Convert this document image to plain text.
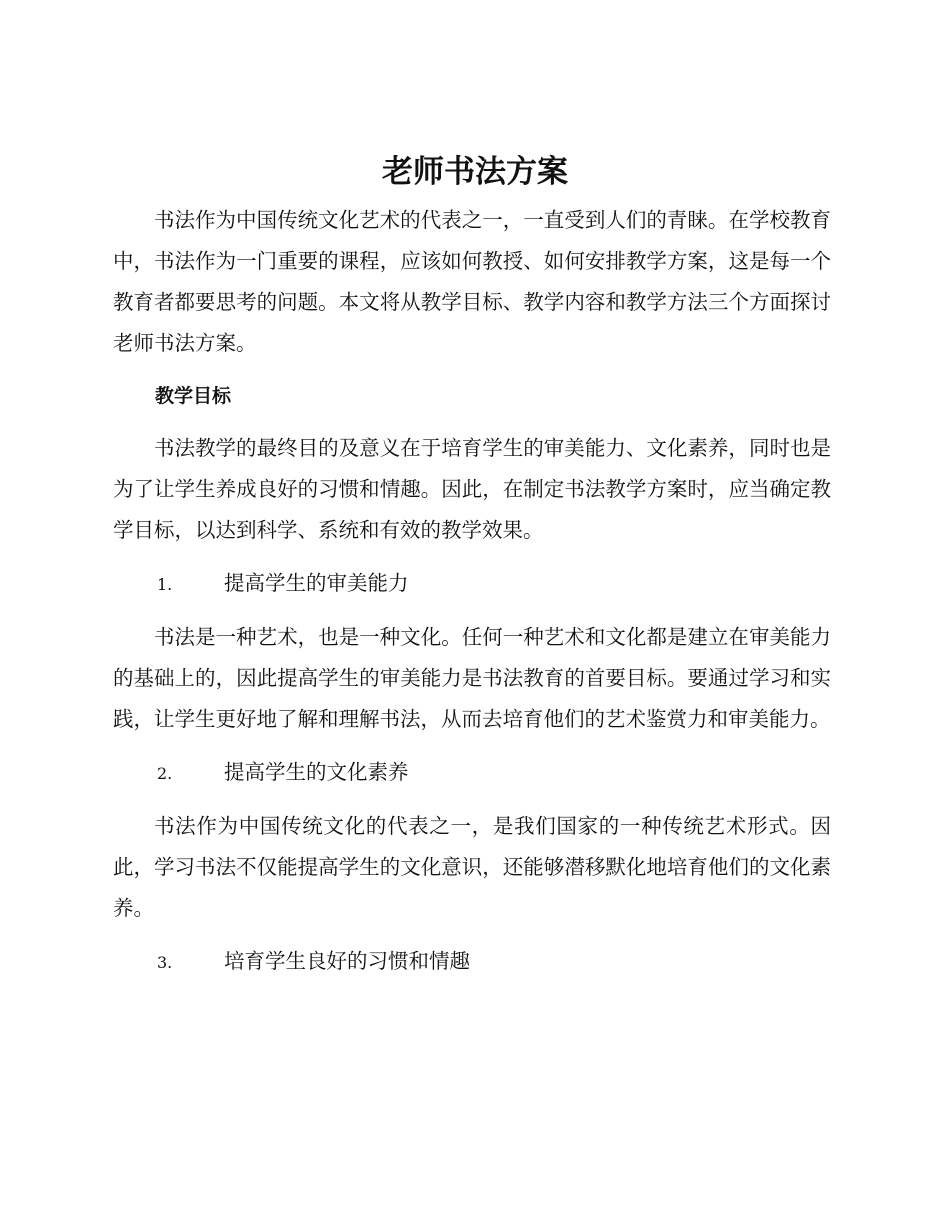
老师书法方案

书法作为中国传统文化艺术的代表之一，一直受到人们的青睐。在学校教育中，书法作为一门重要的课程，应该如何教授、如何安排教学方案，这是每一个教育者都要思考的问题。本文将从教学目标、教学内容和教学方法三个方面探讨老师书法方案。

教学目标

书法教学的最终目的及意义在于培育学生的审美能力、文化素养，同时也是为了让学生养成良好的习惯和情趣。因此，在制定书法教学方案时，应当确定教学目标，以达到科学、系统和有效的教学效果。

1.	提高学生的审美能力

书法是一种艺术，也是一种文化。任何一种艺术和文化都是建立在审美能力的基础上的，因此提高学生的审美能力是书法教育的首要目标。要通过学习和实践，让学生更好地了解和理解书法，从而去培育他们的艺术鉴赏力和审美能力。

2.	提高学生的文化素养

书法作为中国传统文化的代表之一，是我们国家的一种传统艺术形式。因此，学习书法不仅能提高学生的文化意识，还能够潜移默化地培育他们的文化素养。

3.	培育学生良好的习惯和情趣
